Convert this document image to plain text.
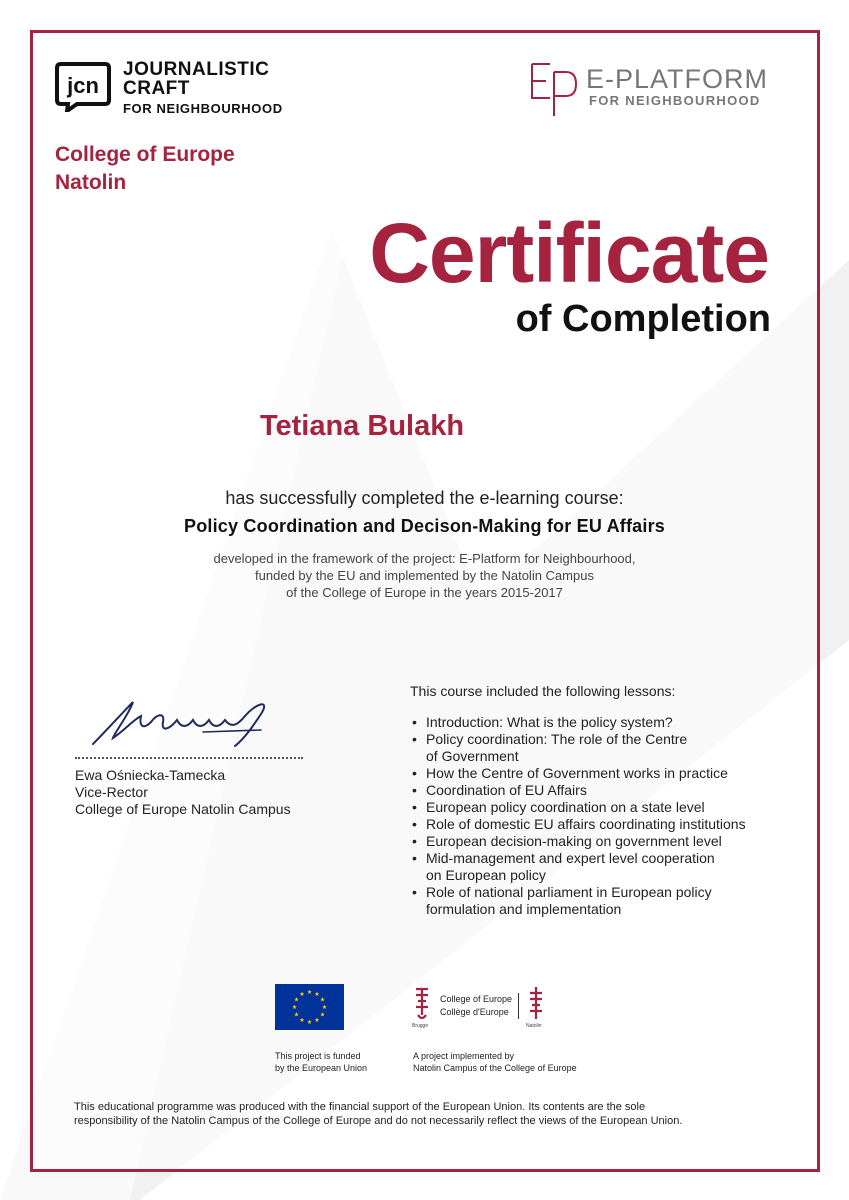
jcn
JOURNALISTIC
CRAFT
FOR NEIGHBOURHOOD
College of Europe
Natolin
E-PLATFORM
FOR NEIGHBOURHOOD
Certificate
of Completion
Tetiana Bulakh
has successfully completed the e-learning course:
Policy Coordination and Decison-Making for EU Affairs
developed in the framework of the project: E-Platform for Neighbourhood,
funded by the EU and implemented by the Natolin Campus
of the College of Europe in the years 2015-2017
Ewa Ośniecka-Tamecka
Vice-Rector
College of Europe Natolin Campus
This course included the following lessons:
• Introduction: What is the policy system?
• Policy coordination: The role of the Centre
of Government
• How the Centre of Government works in practice
• Coordination of EU Affairs
• European policy coordination on a state level
• Role of domestic EU affairs coordinating institutions
• European decision-making on government level
• Mid-management and expert level cooperation
on European policy
• Role of national parliament in European policy
formulation and implementation
This project is funded
by the European Union
Brugge
College of Europe
Collège d'Europe
Natolin
A project implemented by
Natolin Campus of the College of Europe
This educational programme was produced with the financial support of the European Union. Its contents are the sole
responsibility of the Natolin Campus of the College of Europe and do not necessarily reflect the views of the European Union.
